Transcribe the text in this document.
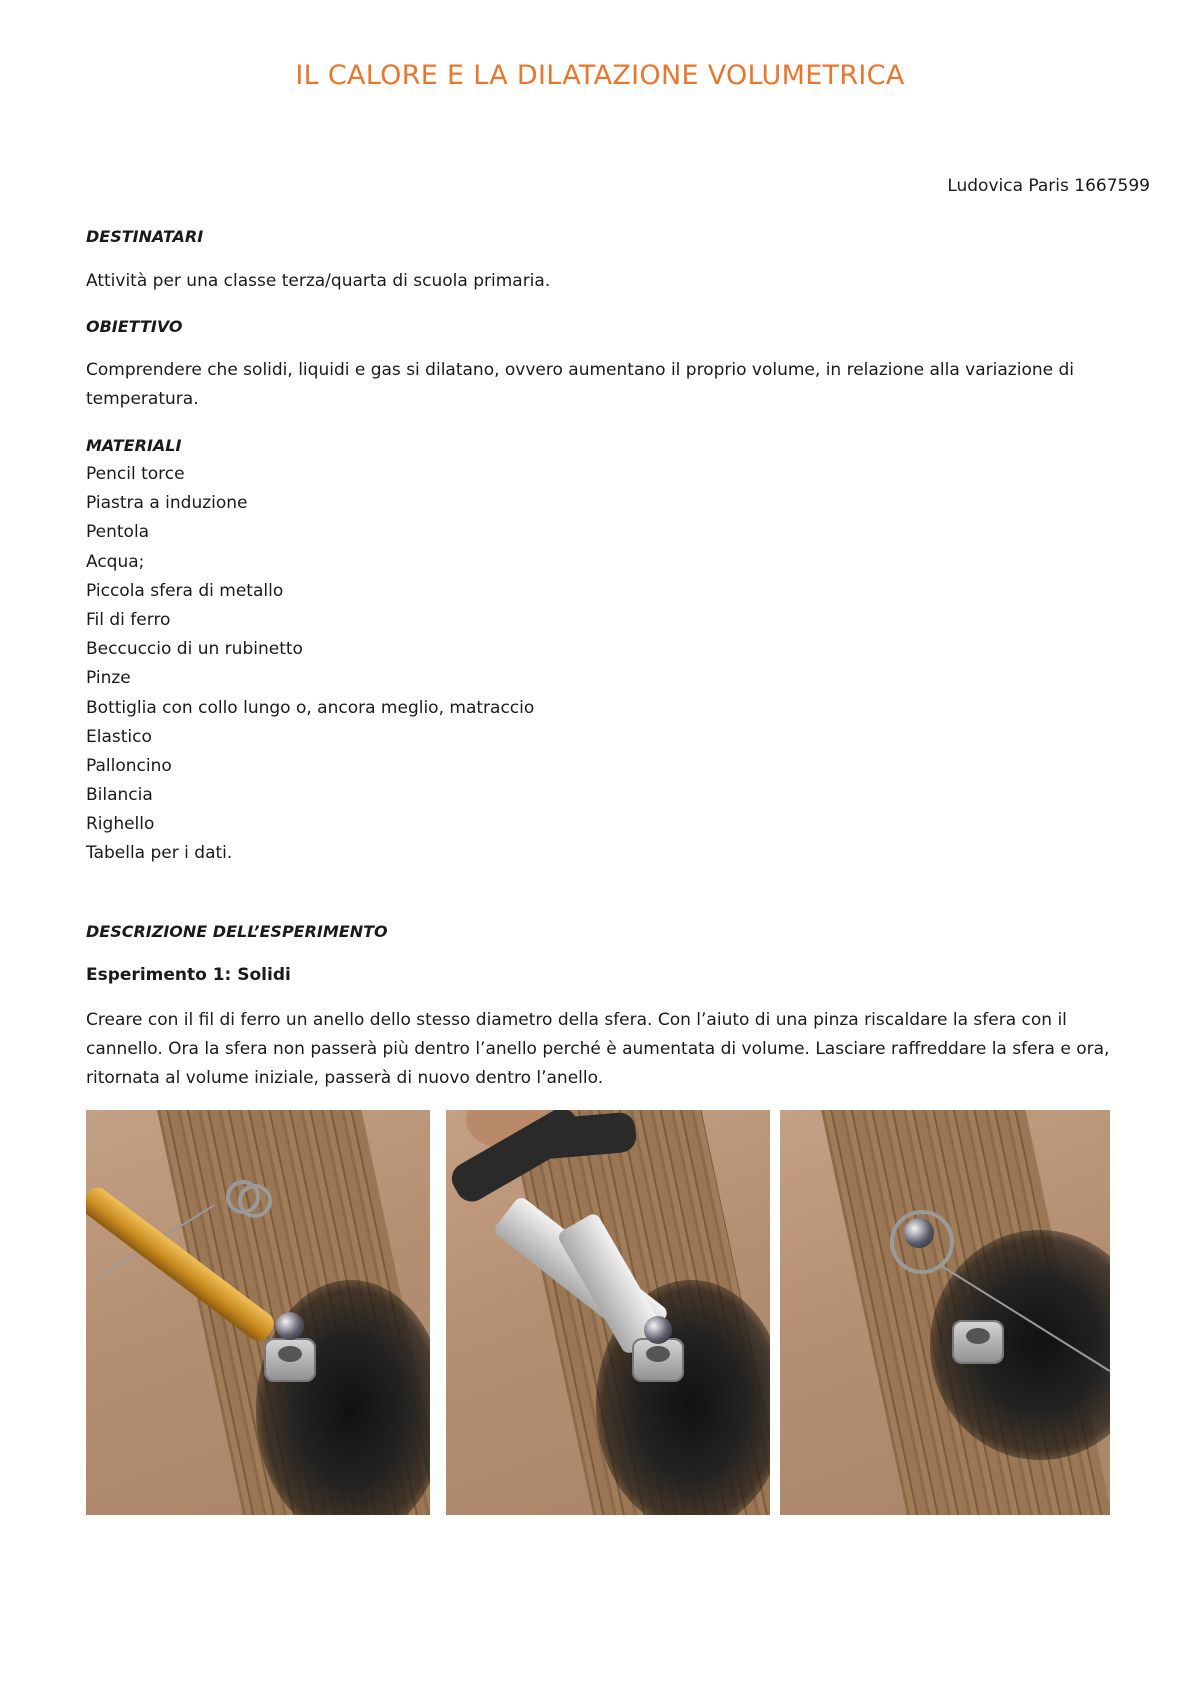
IL CALORE E LA DILATAZIONE VOLUMETRICA
Ludovica Paris 1667599
DESTINATARI
Attività per una classe terza/quarta di scuola primaria.
OBIETTIVO
Comprendere che solidi, liquidi e gas si dilatano, ovvero aumentano il proprio volume, in relazione alla variazione di temperatura.
MATERIALI
Pencil torce
Piastra a induzione
Pentola
Acqua;
Piccola sfera di metallo
Fil di ferro
Beccuccio di un rubinetto
Pinze
Bottiglia con collo lungo o, ancora meglio, matraccio
Elastico
Palloncino
Bilancia
Righello
Tabella per i dati.
DESCRIZIONE DELL’ESPERIMENTO
Esperimento 1: Solidi
Creare con il fil di ferro un anello dello stesso diametro della sfera. Con l’aiuto di una pinza riscaldare la sfera con il cannello. Ora la sfera non passerà più dentro l’anello perché è aumentata di volume. Lasciare raffreddare la sfera e ora, ritornata al volume iniziale, passerà di nuovo dentro l’anello.
